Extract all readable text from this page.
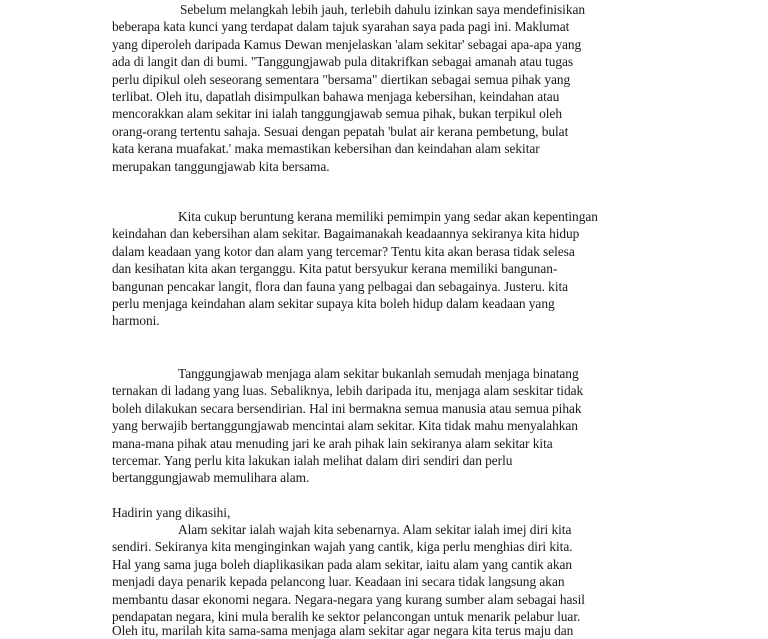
Sebelum melangkah lebih jauh, terlebih dahulu izinkan saya mendefinisikan
beberapa kata kunci yang terdapat dalam tajuk syarahan saya pada pagi ini. Maklumat
yang diperoleh daripada Kamus Dewan menjelaskan 'alam sekitar' sebagai apa-apa yang
ada di langit dan di bumi. "Tanggungjawab pula ditakrifkan sebagai amanah atau tugas
perlu dipikul oleh seseorang sementara "bersama" diertikan sebagai semua pihak yang
terlibat. Oleh itu, dapatlah disimpulkan bahawa menjaga kebersihan, keindahan atau
mencorakkan alam sekitar ini ialah tanggungjawab semua pihak, bukan terpikul oleh
orang-orang tertentu sahaja. Sesuai dengan pepatah 'bulat air kerana pembetung, bulat
kata kerana muafakat.' maka memastikan kebersihan dan keindahan alam sekitar
merupakan tanggungjawab kita bersama.
Kita cukup beruntung kerana memiliki pemimpin yang sedar akan kepentingan
keindahan dan kebersihan alam sekitar. Bagaimanakah keadaannya sekiranya kita hidup
dalam keadaan yang kotor dan alam yang tercemar? Tentu kita akan berasa tidak selesa
dan kesihatan kita akan terganggu. Kita patut bersyukur kerana memiliki bangunan-
bangunan pencakar langit, flora dan fauna yang pelbagai dan sebagainya. Justeru. kita
perlu menjaga keindahan alam sekitar supaya kita boleh hidup dalam keadaan yang
harmoni.
Tanggungjawab menjaga alam sekitar bukanlah semudah menjaga binatang
ternakan di ladang yang luas. Sebaliknya, lebih daripada itu, menjaga alam seskitar tidak
boleh dilakukan secara bersendirian. Hal ini bermakna semua manusia atau semua pihak
yang berwajib bertanggungjawab mencintai alam sekitar. Kita tidak mahu menyalahkan
mana-mana pihak atau menuding jari ke arah pihak lain sekiranya alam sekitar kita
tercemar. Yang perlu kita lakukan ialah melihat dalam diri sendiri dan perlu
bertanggungjawab memulihara alam.
Hadirin yang dikasihi,
Alam sekitar ialah wajah kita sebenarnya. Alam sekitar ialah imej diri kita
sendiri. Sekiranya kita menginginkan wajah yang cantik, kiga perlu menghias diri kita.
Hal yang sama juga boleh diaplikasikan pada alam sekitar, iaitu alam yang cantik akan
menjadi daya penarik kepada pelancong luar. Keadaan ini secara tidak langsung akan
membantu dasar ekonomi negara. Negara-negara yang kurang sumber alam sebagai hasil
pendapatan negara, kini mula beralih ke sektor pelancongan untuk menarik pelabur luar.
Oleh itu, marilah kita sama-sama menjaga alam sekitar agar negara kita terus maju dan
